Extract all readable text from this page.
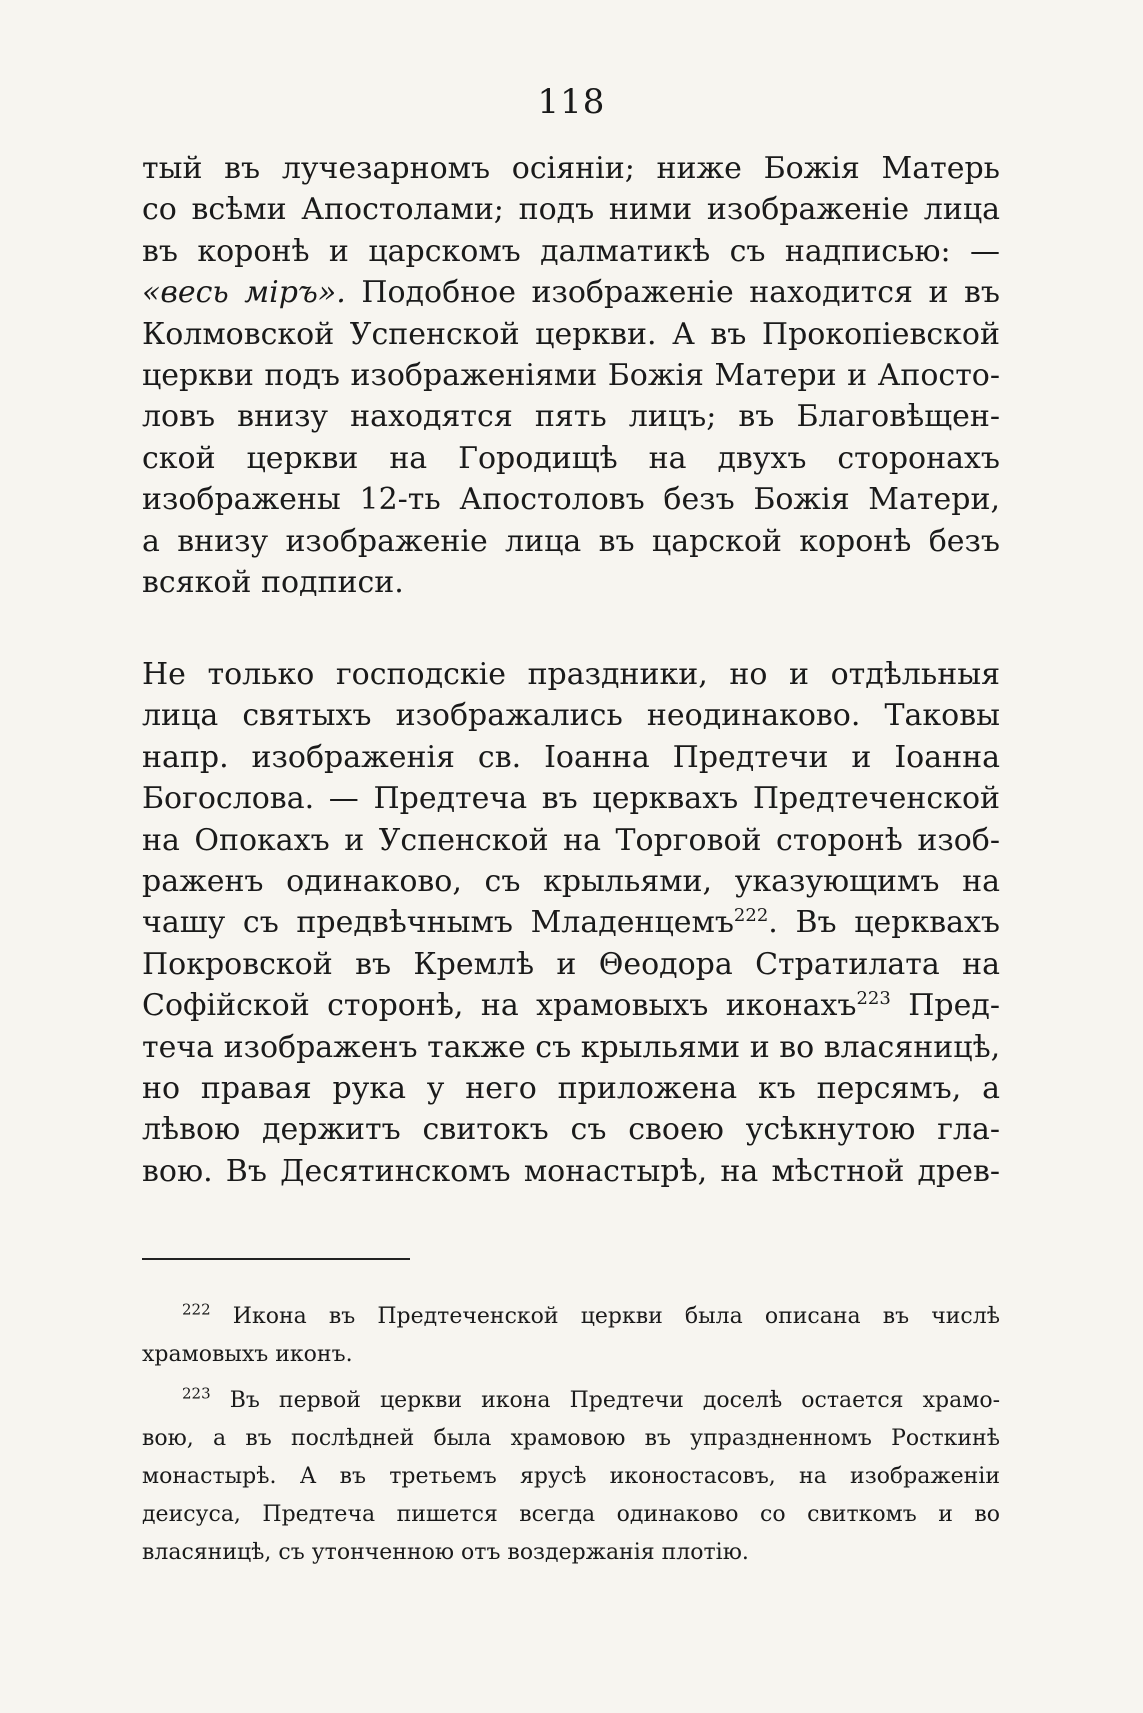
118
тый въ лучезарномъ осіяніи; ниже Божія Матерь
со всѣми Апостолами; подъ ними изображеніе лица
въ коронѣ и царскомъ далматикѣ съ надписью: —
«весь міръ». Подобное изображеніе находится и въ
Колмовской Успенской церкви. А въ Прокопіевской
церкви подъ изображеніями Божія Матери и Апосто-
ловъ внизу находятся пять лицъ; въ Благовѣщен-
ской церкви на Городищѣ на двухъ сторонахъ
изображены 12-ть Апостоловъ безъ Божія Матери,
а внизу изображеніе лица въ царской коронѣ безъ
всякой подписи.
Не только господскіе праздники, но и отдѣльныя
лица святыхъ изображались неодинаково. Таковы
напр. изображенія св. Іоанна Предтечи и Іоанна
Богослова. — Предтеча въ церквахъ Предтеченской
на Опокахъ и Успенской на Торговой сторонѣ изоб-
раженъ одинаково, съ крыльями, указующимъ на
чашу съ предвѣчнымъ Младенцемъ$^{222}$. Въ церквахъ
Покровской въ Кремлѣ и Θеодора Стратилата на
Софійской сторонѣ, на храмовыхъ иконахъ$^{223}$ Пред-
теча изображенъ также съ крыльями и во власяницѣ,
но правая рука у него приложена къ персямъ, а
лѣвою держитъ свитокъ съ своею усѣкнутою гла-
вою. Въ Десятинскомъ монастырѣ, на мѣстной древ-
$^{222}$ Икона въ Предтеченской церкви была описана въ числѣ
храмовыхъ иконъ.
$^{223}$ Въ первой церкви икона Предтечи доселѣ остается храмо-
вою, а въ послѣдней была храмовою въ упраздненномъ Росткинѣ
монастырѣ. А въ третьемъ ярусѣ иконостасовъ, на изображеніи
деисуса, Предтеча пишется всегда одинаково со свиткомъ и во
власяницѣ, съ утонченною отъ воздержанія плотію.
